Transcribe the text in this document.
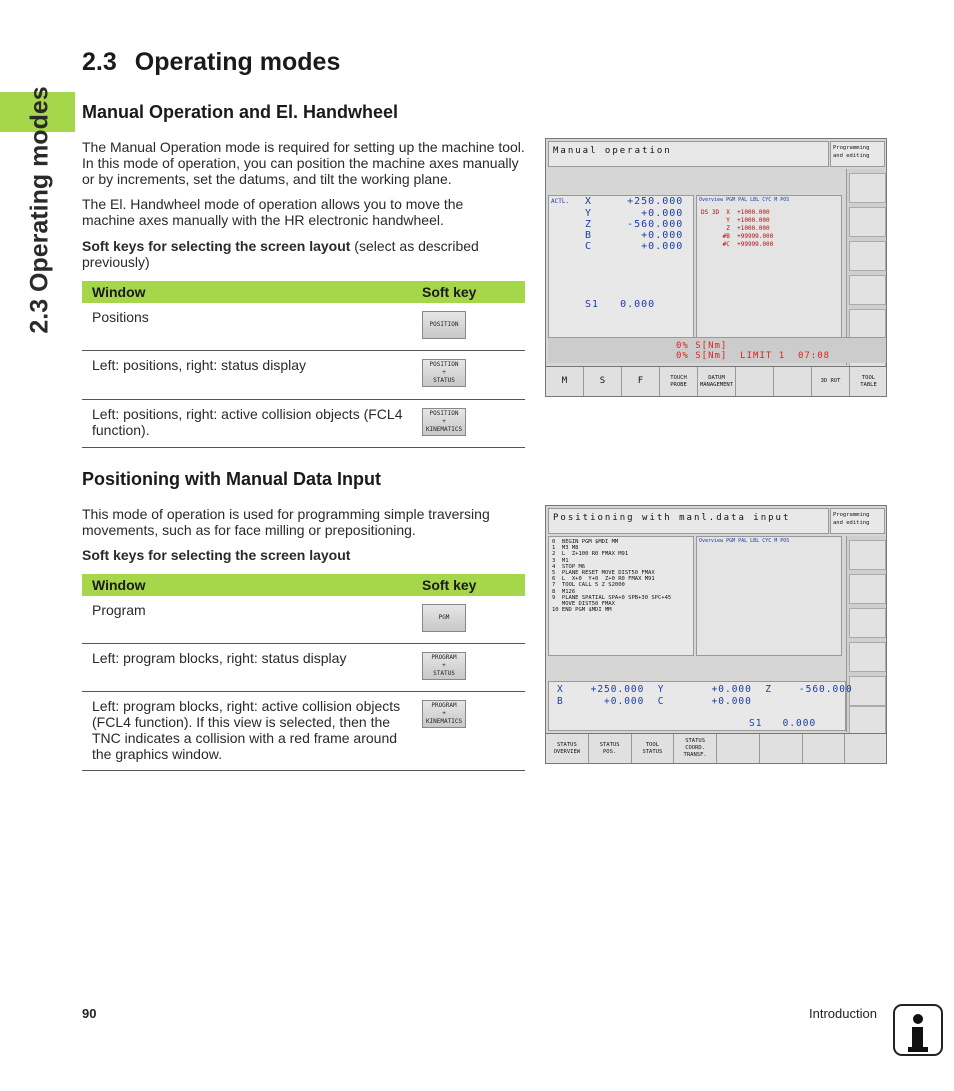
2.3 Operating modes
2.3 Operating modes
Manual Operation and El. Handwheel

The Manual Operation mode is required for setting up the machine tool. In this mode of operation, you can position the machine axes manually or by increments, set the datums, and tilt the working plane.

The El. Handwheel mode of operation allows you to move the machine axes manually with the HR electronic handwheel.

Soft keys for selecting the screen layout (select as described previously)

Window	Soft key
Positions	POSITION

Left: positions, right: status display	POSITION
+
STATUS

Left: positions, right: active collision objects (FCL4 function).	POSITION
+
KINEMATICS
Manual operation	Programming
and editing
ACTL. X     +250.000
Y       +0.000
Z     -560.000
B       +0.000
C       +0.000
S1   0.000
Overview PGM PAL LBL CYC M POS
DS 3D  X  +1000.000
Y  +1000.000
Z  +1000.000
#B  +99999.000
#C  +99999.000
0% S[Nm]
0% S[Nm]  LIMIT 1  07:08
M	S	F	TOUCH
PROBE
DATUM
MANAGEMENT
3D ROT
TOOL
TABLE
Positioning with Manual Data Input

This mode of operation is used for programming simple traversing movements, such as for face milling or prepositioning.

Soft keys for selecting the screen layout

Window	Soft key
Program	PGM

Left: program blocks, right: status display	PROGRAM
+
STATUS

Left: program blocks, right: active collision objects (FCL4 function). If this view is selected, then the TNC indicates a collision with a red frame around the graphics window.	PROGRAM
+
KINEMATICS
Positioning with manl.data input	Programming
and editing
0  BEGIN PGM $MDI MM
1  M3 M8
2  L  Z+100 R0 FMAX M91
3  M1
4  STOP M6
5  PLANE RESET MOVE DIST50 FMAX
6  L  X+0  Y+0  Z+0 R0 FMAX M91
7  TOOL CALL 5 Z S2000
8  M126
9  PLANE SPATIAL SPA+0 SPB+30 SPC+45
MOVE DIST50 FMAX
10 END PGM $MDI MM
Overview PGM PAL LBL CYC M POS
X    +250.000  Y       +0.000  Z    -560.000
B      +0.000  C       +0.000
S1   0.000
STATUS
OVERVIEW
STATUS
POS.
TOOL
STATUS
STATUS
COORD.
TRANSF.
90	Introduction
